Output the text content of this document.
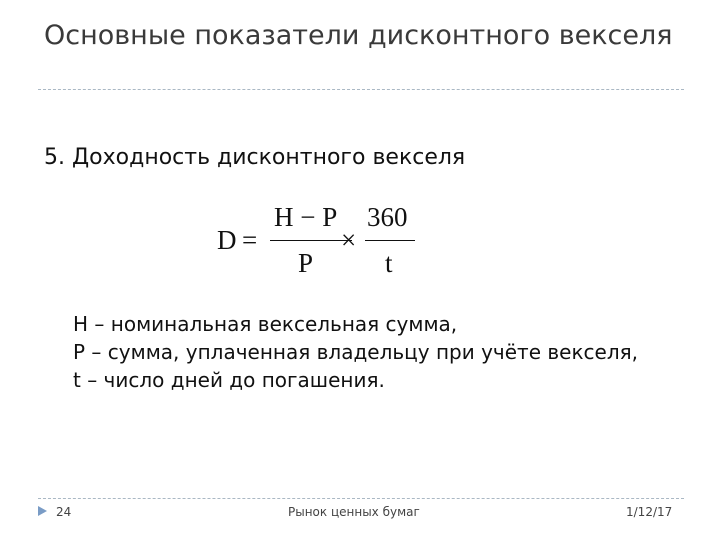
Основные показатели дисконтного векселя
5. Доходность дисконтного векселя
D =
H − P
P
×
360
t
H – номинальная вексельная сумма,
P – сумма, уплаченная владельцу при учёте векселя,
t – число дней до погашения.
24	Рынок ценных бумаг	1/12/17
